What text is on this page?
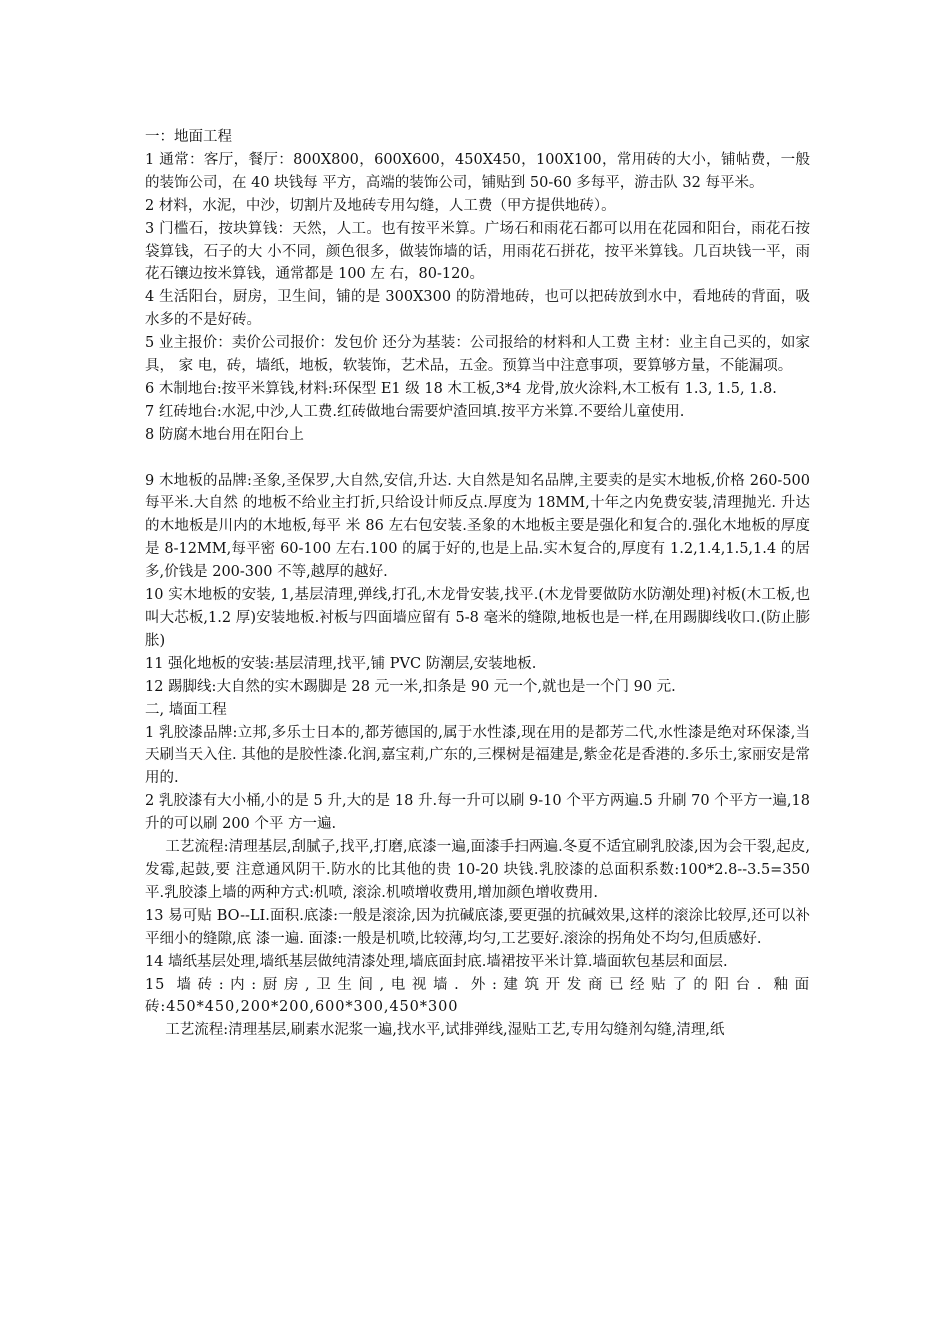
一：地面工程

1 通常：客厅，餐厅：800X800，600X600，450X450，100X100，常用砖的大小，铺帖费，一般的装饰公司，在 40 块钱每 平方，高端的装饰公司，铺贴到 50-60 多每平，游击队 32 每平米。

2 材料，水泥，中沙，切割片及地砖专用勾缝，人工费（甲方提供地砖）。

3 门槛石，按块算钱：天然，人工。也有按平米算。广场石和雨花石都可以用在花园和阳台，雨花石按袋算钱，石子的大 小不同，颜色很多，做装饰墙的话，用雨花石拼花，按平米算钱。几百块钱一平，雨花石镶边按米算钱，通常都是 100 左 右，80-120。

4 生活阳台，厨房，卫生间，铺的是 300X300 的防滑地砖，也可以把砖放到水中，看地砖的背面，吸水多的不是好砖。

5 业主报价：卖价公司报价：发包价 还分为基装：公司报给的材料和人工费 主材：业主自己买的，如家具， 家 电，砖，墙纸，地板，软装饰，艺术品，五金。预算当中注意事项，要算够方量，不能漏项。

6 木制地台:按平米算钱,材料:环保型 E1 级 18 木工板,3*4 龙骨,放火涂料,木工板有 1.3, 1.5, 1.8.

7 红砖地台:水泥,中沙,人工费.红砖做地台需要炉渣回填.按平方米算.不要给儿童使用.

8 防腐木地台用在阳台上

9 木地板的品牌:圣象,圣保罗,大自然,安信,升达. 大自然是知名品牌,主要卖的是实木地板,价格 260-500 每平米.大自然 的地板不给业主打折,只给设计师反点.厚度为 18MM,十年之内免费安装,清理抛光. 升达的木地板是川内的木地板,每平 米 86 左右包安装.圣象的木地板主要是强化和复合的.强化木地板的厚度是 8-12MM,每平密 60-100 左右.100 的属于好的,也是上品.实木复合的,厚度有 1.2,1.4,1.5,1.4 的居多,价钱是 200-300 不等,越厚的越好.

10 实木地板的安装, 1,基层清理,弹线,打孔,木龙骨安装,找平.(木龙骨要做防水防潮处理)衬板(木工板,也叫大芯板,1.2 厚)安装地板.衬板与四面墙应留有 5-8 毫米的缝隙,地板也是一样,在用踢脚线收口.(防止膨胀)

11 强化地板的安装:基层清理,找平,铺 PVC 防潮层,安装地板.

12 踢脚线:大自然的实木踢脚是 28 元一米,扣条是 90 元一个,就也是一个门 90 元.

二, 墙面工程

1 乳胶漆品牌:立邦,多乐士日本的,都芳德国的,属于水性漆,现在用的是都芳二代,水性漆是绝对环保漆,当天刷当天入住. 其他的是胶性漆.化润,嘉宝莉,广东的,三棵树是福建是,紫金花是香港的.多乐士,家丽安是常用的.

2 乳胶漆有大小桶,小的是 5 升,大的是 18 升.每一升可以刷 9-10 个平方两遍.5 升刷 70 个平方一遍,18 升的可以刷 200 个平 方一遍.

工艺流程:清理基层,刮腻子,找平,打磨,底漆一遍,面漆手扫两遍.冬夏不适宜刷乳胶漆,因为会干裂,起皮,发霉,起鼓,要 注意通风阴干.防水的比其他的贵 10-20 块钱.乳胶漆的总面积系数:100*2.8--3.5=350 平.乳胶漆上墙的两种方式:机喷, 滚涂.机喷增收费用,增加颜色增收费用.

13 易可贴 BO--LI.面积.底漆:一般是滚涂,因为抗碱底漆,要更强的抗碱效果,这样的滚涂比较厚,还可以补平细小的缝隙,底 漆一遍. 面漆:一般是机喷,比较薄,均匀,工艺要好.滚涂的拐角处不均匀,但质感好.

14 墙纸基层处理,墙纸基层做纯清漆处理,墙底面封底.墙裙按平米计算.墙面软包基层和面层.

15 墙砖:内:厨房,卫生间,电视墙. 外:建筑开发商已经贴了的阳台. 釉面砖:450*450,200*200,600*300,450*300

工艺流程:清理基层,刷素水泥浆一遍,找水平,试排弹线,湿贴工艺,专用勾缝剂勾缝,清理,纸
